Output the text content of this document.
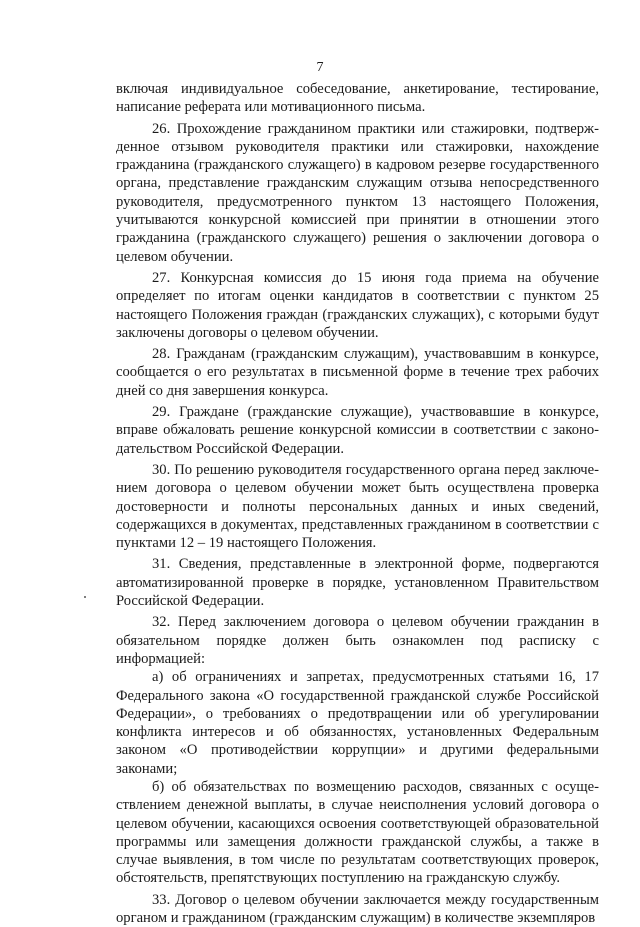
7

включая индивидуальное собеседование, анкетирование, тестирование, написание реферата или мотивационного письма.

26. Прохождение гражданином практики или стажировки, подтвержденное отзывом руководителя практики или стажировки, нахождение гражданина (гражданского служащего) в кадровом резерве государственного органа, представление гражданским служащим отзыва непосредственного руководителя, предусмотренного пунктом 13 настоящего Положения, учитываются конкурсной комиссией при принятии в отношении этого гражданина (гражданского служащего) решения о заключении договора о целевом обучении.

27. Конкурсная комиссия до 15 июня года приема на обучение определяет по итогам оценки кандидатов в соответствии с пунктом 25 настоящего Положения граждан (гражданских служащих), с которыми будут заключены договоры о целевом обучении.

28. Гражданам (гражданским служащим), участвовавшим в конкурсе, сообщается о его результатах в письменной форме в течение трех рабочих дней со дня завершения конкурса.

29. Граждане (гражданские служащие), участвовавшие в конкурсе, вправе обжаловать решение конкурсной комиссии в соответствии с законодательством Российской Федерации.

30. По решению руководителя государственного органа перед заключением договора о целевом обучении может быть осуществлена проверка достоверности и полноты персональных данных и иных сведений, содержащихся в документах, представленных гражданином в соответствии с пунктами 12 – 19 настоящего Положения.

31. Сведения, представленные в электронной форме, подвергаются автоматизированной проверке в порядке, установленном Правительством Российской Федерации.

32. Перед заключением договора о целевом обучении гражданин в обязательном порядке должен быть ознакомлен под расписку с информацией:

а) об ограничениях и запретах, предусмотренных статьями 16, 17 Федерального закона «О государственной гражданской службе Российской Федерации», о требованиях о предотвращении или об урегулировании конфликта интересов и об обязанностях, установленных Федеральным законом «О противодействии коррупции» и другими федеральными законами;

б) об обязательствах по возмещению расходов, связанных с осуществлением денежной выплаты, в случае неисполнения условий договора о целевом обучении, касающихся освоения соответствующей образовательной программы или замещения должности гражданской службы, а также в случае выявления, в том числе по результатам соответствующих проверок, обстоятельств, препятствующих поступлению на гражданскую службу.

33. Договор о целевом обучении заключается между государственным органом и гражданином (гражданским служащим) в количестве экземпляров
